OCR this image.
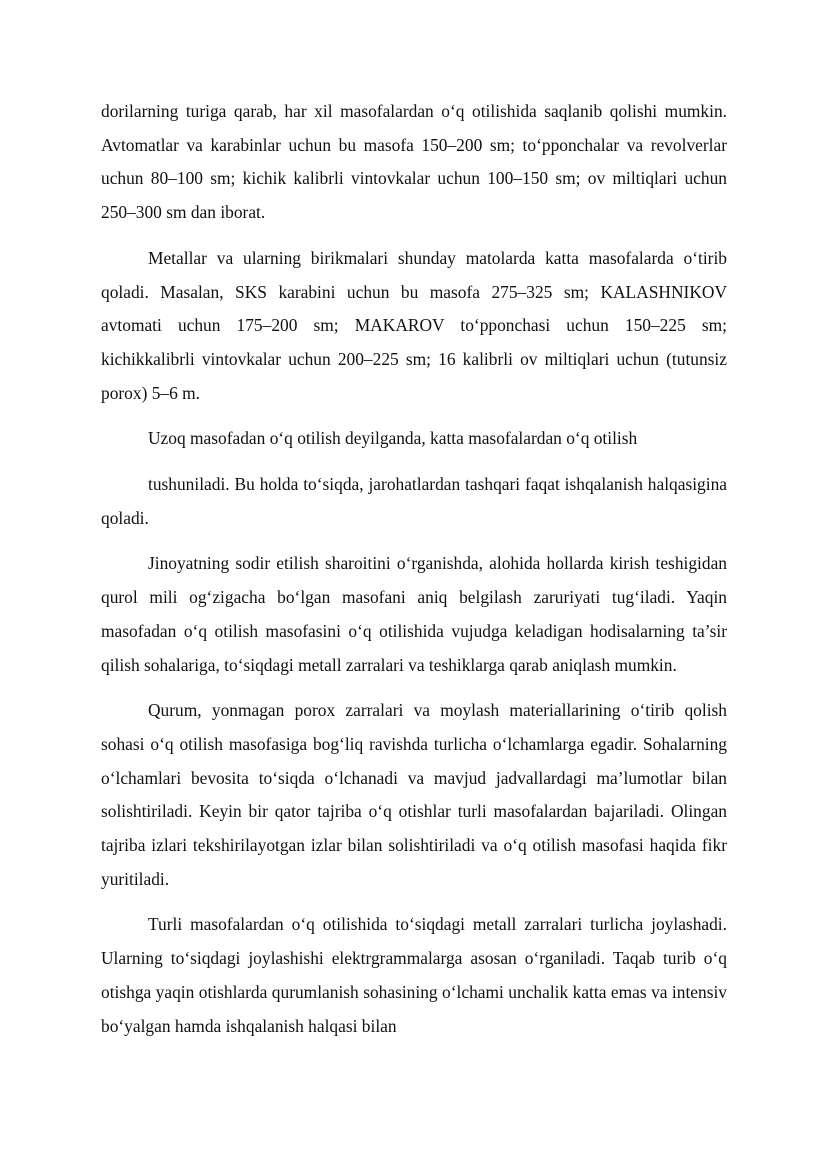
dorilarning turiga qarab, har xil masofalardan o‘q otilishida saqlanib qolishi mumkin. Avtomatlar va karabinlar uchun bu masofa 150–200 sm; to‘pponchalar va revolverlar uchun 80–100 sm; kichik kalibrli vintovkalar uchun 100–150 sm; ov miltiqlari uchun 250–300 sm dan iborat.

Metallar va ularning birikmalari shunday matolarda katta masofalarda o‘tirib qoladi. Masalan, SKS karabini uchun bu masofa 275–325 sm; KALASHNIKOV avtomati uchun 175–200 sm; MAKAROV to‘pponchasi uchun 150–225 sm; kichikkalibrli vintovkalar uchun 200–225 sm; 16 kalibrli ov miltiqlari uchun (tutunsiz porox) 5–6 m.

Uzoq masofadan o‘q otilish deyilganda, katta masofalardan o‘q otilish

tushuniladi. Bu holda to‘siqda, jarohatlardan tashqari faqat ishqalanish halqasigina qoladi.

Jinoyatning sodir etilish sharoitini o‘rganishda, alohida hollarda kirish teshigidan qurol mili og‘zigacha bo‘lgan masofani aniq belgilash zaruriyati tug‘iladi. Yaqin masofadan o‘q otilish masofasini o‘q otilishida vujudga keladigan hodisalarning ta’sir qilish sohalariga, to‘siqdagi metall zarralari va teshiklarga qarab aniqlash mumkin.

Qurum, yonmagan porox zarralari va moylash materiallarining o‘tirib qolish sohasi o‘q otilish masofasiga bog‘liq ravishda turlicha o‘lchamlarga egadir. Sohalarning o‘lchamlari bevosita to‘siqda o‘lchanadi va mavjud jadvallardagi ma’lumotlar bilan solishtiriladi. Keyin bir qator tajriba o‘q otishlar turli masofalardan bajariladi. Olingan tajriba izlari tekshirilayotgan izlar bilan solishtiriladi va o‘q otilish masofasi haqida fikr yuritiladi.

Turli masofalardan o‘q otilishida to‘siqdagi metall zarralari turlicha joylashadi. Ularning to‘siqdagi joylashishi elektrgrammalarga asosan o‘rganiladi. Taqab turib o‘q otishga yaqin otishlarda qurumlanish sohasining o‘lchami unchalik katta emas va intensiv bo‘yalgan hamda ishqalanish halqasi bilan
